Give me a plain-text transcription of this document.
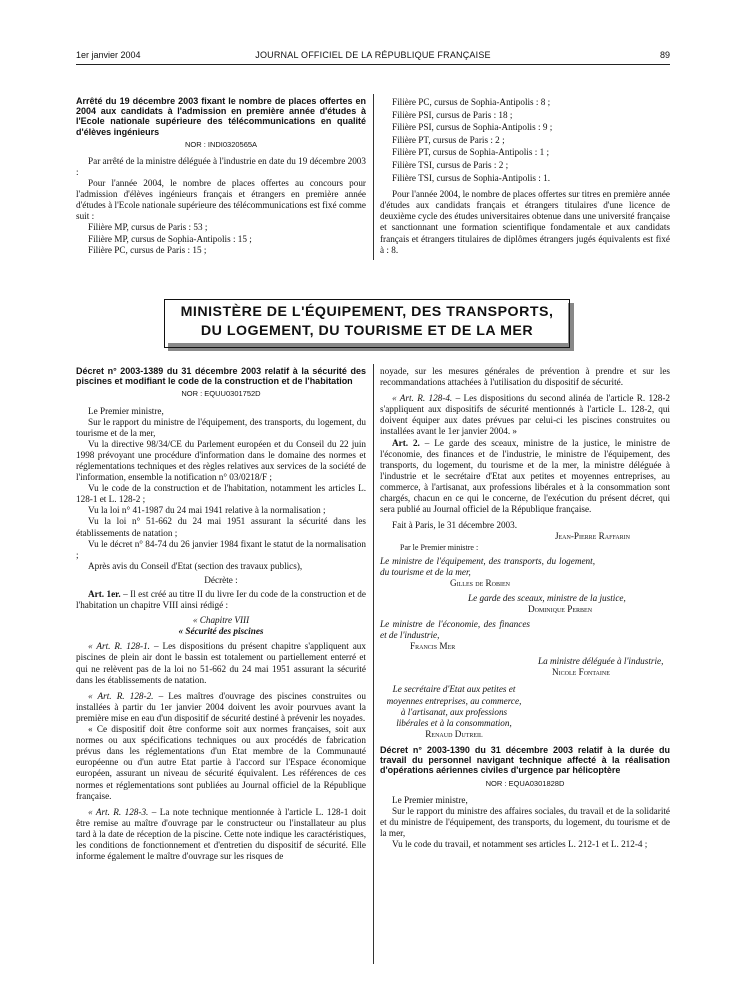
1er janvier 2004	JOURNAL OFFICIEL DE LA RÉPUBLIQUE FRANÇAISE	89

Arrêté du 19 décembre 2003 fixant le nombre de places offertes en 2004 aux candidats à l'admission en première année d'études à l'Ecole nationale supérieure des télécommunications en qualité d'élèves ingénieurs

NOR : INDI0320565A

Par arrêté de la ministre déléguée à l'industrie en date du 19 décembre 2003 :

Pour l'année 2004, le nombre de places offertes au concours pour l'admission d'élèves ingénieurs français et étrangers en première année d'études à l'Ecole nationale supérieure des télécommunications est fixé comme suit :

Filière MP, cursus de Paris : 53 ;

Filière MP, cursus de Sophia-Antipolis : 15 ;

Filière PC, cursus de Paris : 15 ;

Filière PC, cursus de Sophia-Antipolis : 8 ;

Filière PSI, cursus de Paris : 18 ;

Filière PSI, cursus de Sophia-Antipolis : 9 ;

Filière PT, cursus de Paris : 2 ;

Filière PT, cursus de Sophia-Antipolis : 1 ;

Filière TSI, cursus de Paris : 2 ;

Filière TSI, cursus de Sophia-Antipolis : 1.

Pour l'année 2004, le nombre de places offertes sur titres en première année d'études aux candidats français et étrangers titulaires d'une licence de deuxième cycle des études universitaires obtenue dans une université française et sanctionnant une formation scientifique fondamentale et aux candidats français et étrangers titulaires de diplômes étrangers jugés équivalents est fixé à : 8.

MINISTÈRE DE L'ÉQUIPEMENT, DES TRANSPORTS,
DU LOGEMENT, DU TOURISME ET DE LA MER

Décret n° 2003-1389 du 31 décembre 2003 relatif à la sécurité des piscines et modifiant le code de la construction et de l'habitation

NOR : EQUU0301752D

Le Premier ministre,

Sur le rapport du ministre de l'équipement, des transports, du logement, du tourisme et de la mer,

Vu la directive 98/34/CE du Parlement européen et du Conseil du 22 juin 1998 prévoyant une procédure d'information dans le domaine des normes et réglementations techniques et des règles relatives aux services de la société de l'information, ensemble la notification n° 03/0218/F ;

Vu le code de la construction et de l'habitation, notamment les articles L. 128-1 et L. 128-2 ;

Vu la loi n° 41-1987 du 24 mai 1941 relative à la normalisation ;

Vu la loi n° 51-662 du 24 mai 1951 assurant la sécurité dans les établissements de natation ;

Vu le décret n° 84-74 du 26 janvier 1984 fixant le statut de la normalisation ;

Après avis du Conseil d'Etat (section des travaux publics),

Décrète :

Art. 1er. – Il est créé au titre II du livre Ier du code de la construction et de l'habitation un chapitre VIII ainsi rédigé :

« Chapitre VIII

« Sécurité des piscines

« Art. R. 128-1. – Les dispositions du présent chapitre s'appliquent aux piscines de plein air dont le bassin est totalement ou partiellement enterré et qui ne relèvent pas de la loi no 51-662 du 24 mai 1951 assurant la sécurité dans les établissements de natation.

« Art. R. 128-2. – Les maîtres d'ouvrage des piscines construites ou installées à partir du 1er janvier 2004 doivent les avoir pourvues avant la première mise en eau d'un dispositif de sécurité destiné à prévenir les noyades.

« Ce dispositif doit être conforme soit aux normes françaises, soit aux normes ou aux spécifications techniques ou aux procédés de fabrication prévus dans les réglementations d'un Etat membre de la Communauté européenne ou d'un autre Etat partie à l'accord sur l'Espace économique européen, assurant un niveau de sécurité équivalent. Les références de ces normes et réglementations sont publiées au Journal officiel de la République française.

« Art. R. 128-3. – La note technique mentionnée à l'article L. 128-1 doit être remise au maître d'ouvrage par le constructeur ou l'installateur au plus tard à la date de réception de la piscine. Cette note indique les caractéristiques, les conditions de fonctionnement et d'entretien du dispositif de sécurité. Elle informe également le maître d'ouvrage sur les risques de

noyade, sur les mesures générales de prévention à prendre et sur les recommandations attachées à l'utilisation du dispositif de sécurité.

« Art. R. 128-4. – Les dispositions du second alinéa de l'article R. 128-2 s'appliquent aux dispositifs de sécurité mentionnés à l'article L. 128-2, qui doivent équiper aux dates prévues par celui-ci les piscines construites ou installées avant le 1er janvier 2004. »

Art. 2. – Le garde des sceaux, ministre de la justice, le ministre de l'économie, des finances et de l'industrie, le ministre de l'équipement, des transports, du logement, du tourisme et de la mer, la ministre déléguée à l'industrie et le secrétaire d'Etat aux petites et moyennes entreprises, au commerce, à l'artisanat, aux professions libérales et à la consommation sont chargés, chacun en ce qui le concerne, de l'exécution du présent décret, qui sera publié au Journal officiel de la République française.

Fait à Paris, le 31 décembre 2003.

Jean-Pierre Raffarin

Par le Premier ministre :

Le ministre de l'équipement, des transports, du logement, du tourisme et de la mer,

Gilles de Robien

Le garde des sceaux, ministre de la justice,

Dominique Perben

Le ministre de l'économie, des finances et de l'industrie,

Francis Mer

La ministre déléguée à l'industrie,

Nicole Fontaine

Le secrétaire d'Etat aux petites et moyennes entreprises, au commerce, à l'artisanat, aux professions libérales et à la consommation,

Renaud Dutreil

Décret n° 2003-1390 du 31 décembre 2003 relatif à la durée du travail du personnel navigant technique affecté à la réalisation d'opérations aériennes civiles d'urgence par hélicoptère

NOR : EQUA0301828D

Le Premier ministre,

Sur le rapport du ministre des affaires sociales, du travail et de la solidarité et du ministre de l'équipement, des transports, du logement, du tourisme et de la mer,

Vu le code du travail, et notamment ses articles L. 212-1 et L. 212-4 ;
